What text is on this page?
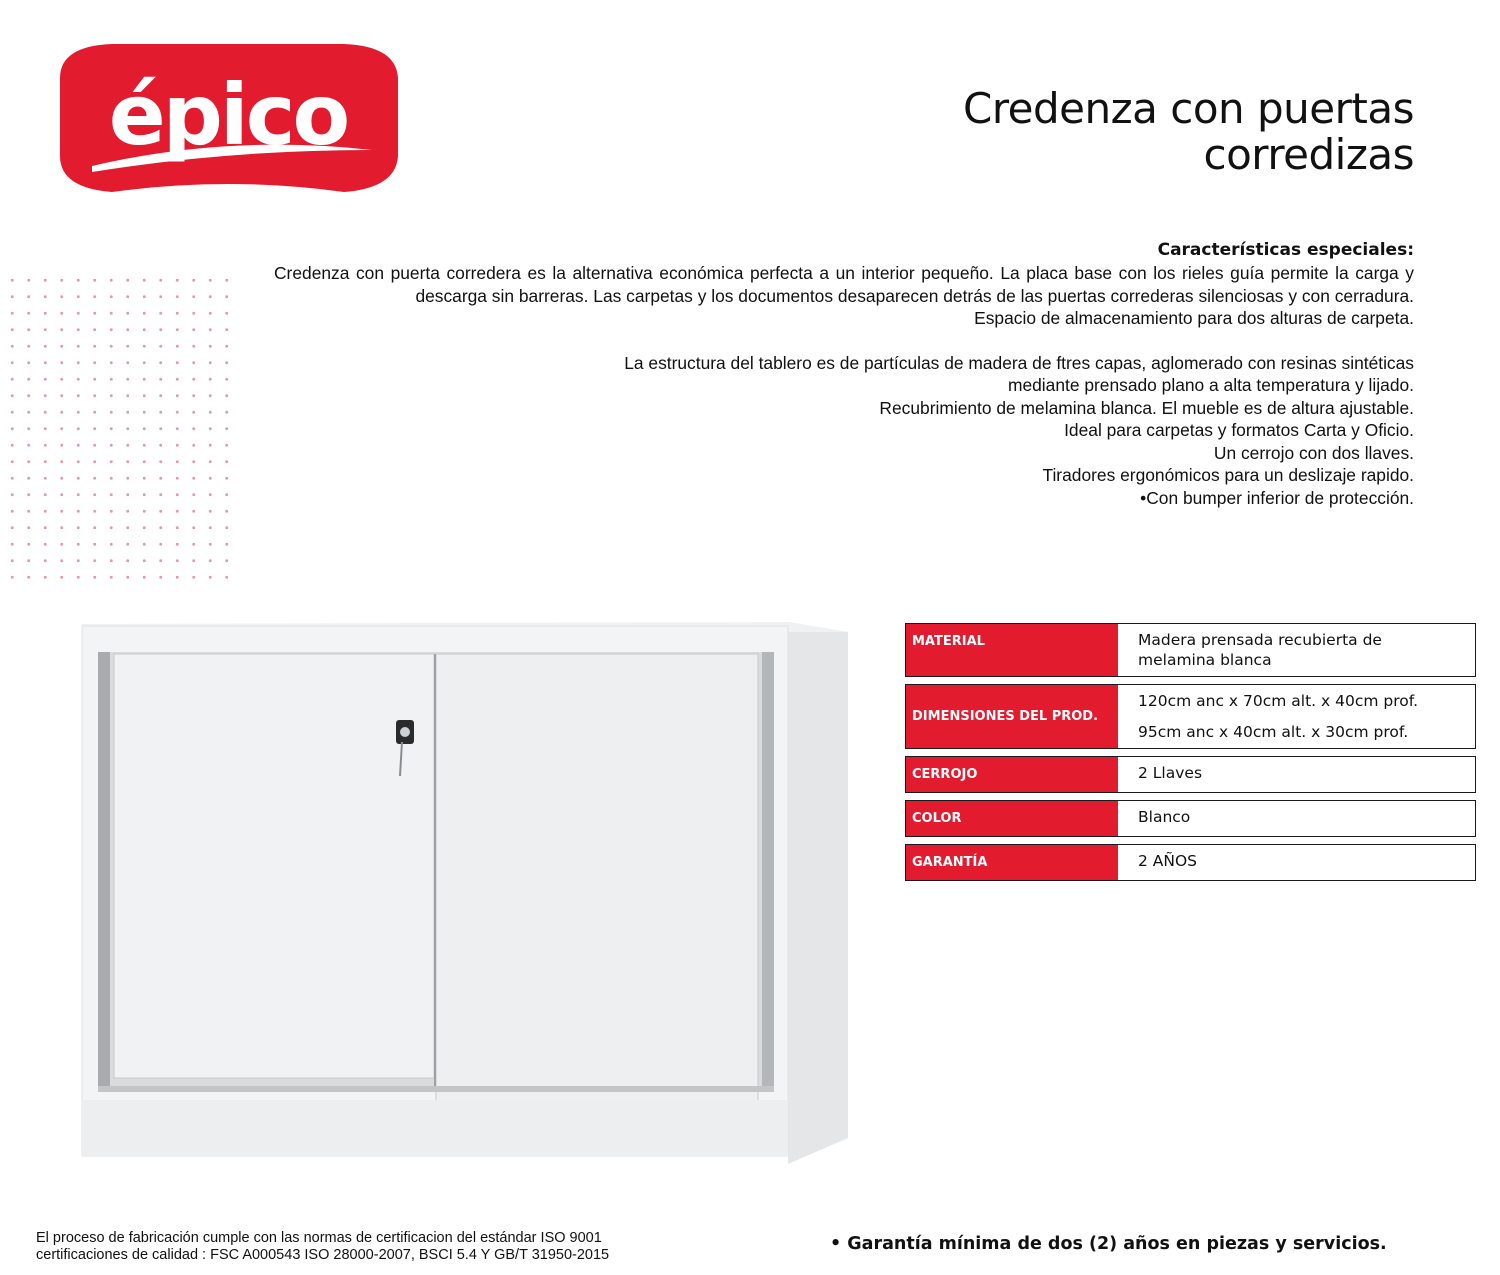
épico	Credenza con puertas
corredizas
Características especiales:
Credenza con puerta corredera es la alternativa económica perfecta a un interior pequeño. La placa base con los rieles guía permite la carga y descarga sin barreras. Las carpetas y los documentos desaparecen detrás de las puertas correderas silenciosas y con cerradura.
Espacio de almacenamiento para dos alturas de carpeta.
La estructura del tablero es de partículas de madera de ftres capas, aglomerado con resinas sintéticas
mediante prensado plano a alta temperatura y lijado.
Recubrimiento de melamina blanca. El mueble es de altura ajustable.
Ideal para carpetas y formatos Carta y Oficio.
Un cerrojo con dos llaves.
Tiradores ergonómicos para un deslizaje rapido.
•Con bumper inferior de protección.
MATERIAL	Madera prensada recubierta de melamina blanca
DIMENSIONES DEL PROD.
120cm anc x 70cm alt. x 40cm prof.
95cm anc x 40cm alt. x 30cm prof.
CERROJO	2 Llaves
COLOR	Blanco
GARANTÍA	2 AÑOS
El proceso de fabricación cumple con las normas de certificacion del estándar ISO 9001
certificaciones de calidad : FSC A000543 ISO 28000-2007, BSCI 5.4 Y GB/T 31950-2015
• Garantía mínima de dos (2) años en piezas y servicios.
